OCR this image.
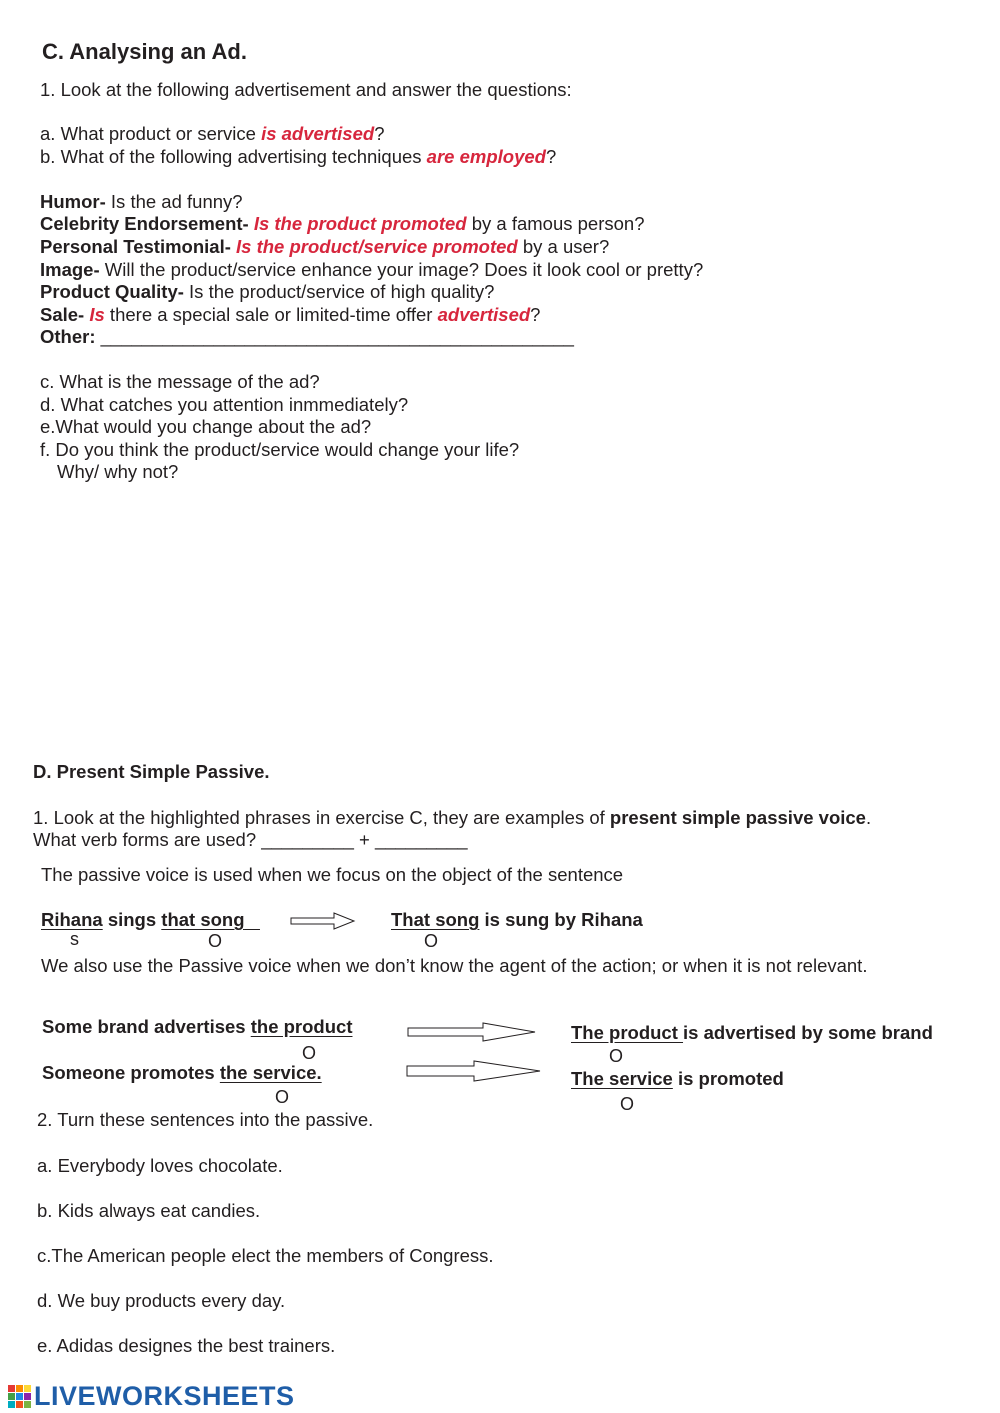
C. Analysing an Ad.
1. Look at the following advertisement and answer the questions:
a. What product or service is advertised?
b. What of the following advertising techniques are employed?
Humor- Is the ad funny?
Celebrity Endorsement- Is the product promoted by a famous person?
Personal Testimonial- Is the product/service promoted by a user?
Image- Will the product/service enhance your image? Does it look cool or pretty?
Product Quality- Is the product/service of high quality?
Sale- Is there a special sale or limited-time offer advertised?
Other: ______________________________________________
c. What is the message of the ad?
d. What catches you attention inmmediately?
e.What would you change about the ad?
f. Do you think the product/service would change your life?
Why/ why not?
D. Present Simple Passive.
1. Look at the highlighted phrases in exercise C, they are examples of present simple passive voice.
What verb forms are used? _________ + _________
The passive voice is used when we focus on the object of the sentence
Rihana sings that song
s	O
That song is sung by Rihana
O
We also use the Passive voice when we don’t know the agent of the action; or when it is not relevant.
Some brand advertises the product
O
The product is advertised by some brand
O
Someone promotes the service.
O
The service is promoted
O
2. Turn these sentences into the passive.
a. Everybody loves chocolate.
b. Kids always eat candies.
c.The American people elect the members of Congress.
d. We buy products every day.
e. Adidas designes the best trainers.
LIVEWORKSHEETS
